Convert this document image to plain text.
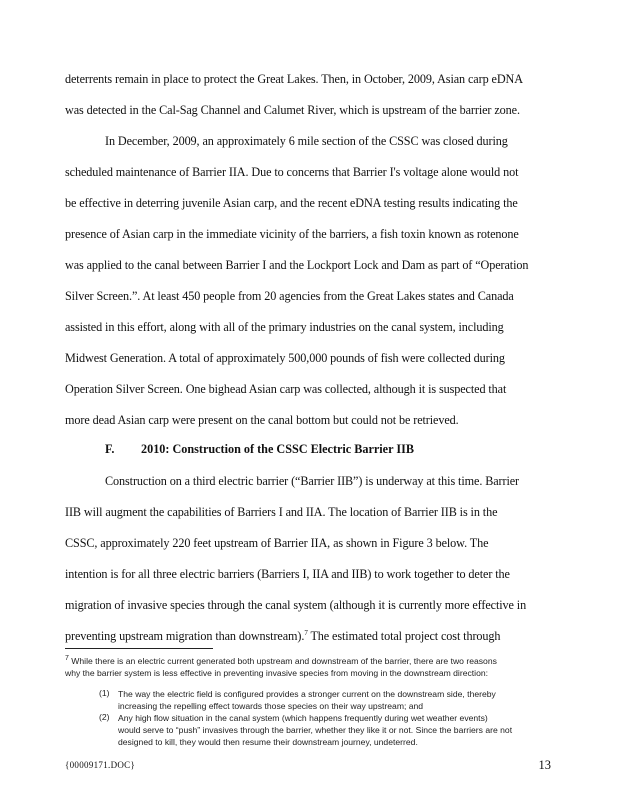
deterrents remain in place to protect the Great Lakes. Then, in October, 2009, Asian carp eDNA
was detected in the Cal-Sag Channel and Calumet River, which is upstream of the barrier zone.
In December, 2009, an approximately 6 mile section of the CSSC was closed during
scheduled maintenance of Barrier IIA. Due to concerns that Barrier I's voltage alone would not
be effective in deterring juvenile Asian carp, and the recent eDNA testing results indicating the
presence of Asian carp in the immediate vicinity of the barriers, a fish toxin known as rotenone
was applied to the canal between Barrier I and the Lockport Lock and Dam as part of “Operation
Silver Screen.”. At least 450 people from 20 agencies from the Great Lakes states and Canada
assisted in this effort, along with all of the primary industries on the canal system, including
Midwest Generation. A total of approximately 500,000 pounds of fish were collected during
Operation Silver Screen. One bighead Asian carp was collected, although it is suspected that
more dead Asian carp were present on the canal bottom but could not be retrieved.
F. 2010: Construction of the CSSC Electric Barrier IIB
Construction on a third electric barrier (“Barrier IIB”) is underway at this time. Barrier
IIB will augment the capabilities of Barriers I and IIA. The location of Barrier IIB is in the
CSSC, approximately 220 feet upstream of Barrier IIA, as shown in Figure 3 below. The
intention is for all three electric barriers (Barriers I, IIA and IIB) to work together to deter the
migration of invasive species through the canal system (although it is currently more effective in
preventing upstream migration than downstream).$^7$ The estimated total project cost through
$^7$ While there is an electric current generated both upstream and downstream of the barrier, there are two reasons
why the barrier system is less effective in preventing invasive species from moving in the downstream direction:
(1) The way the electric field is configured provides a stronger current on the downstream side, thereby
increasing the repelling effect towards those species on their way upstream; and
(2) Any high flow situation in the canal system (which happens frequently during wet weather events)
would serve to “push” invasives through the barrier, whether they like it or not. Since the barriers are not
designed to kill, they would then resume their downstream journey, undeterred.
{00009171.DOC}	13
